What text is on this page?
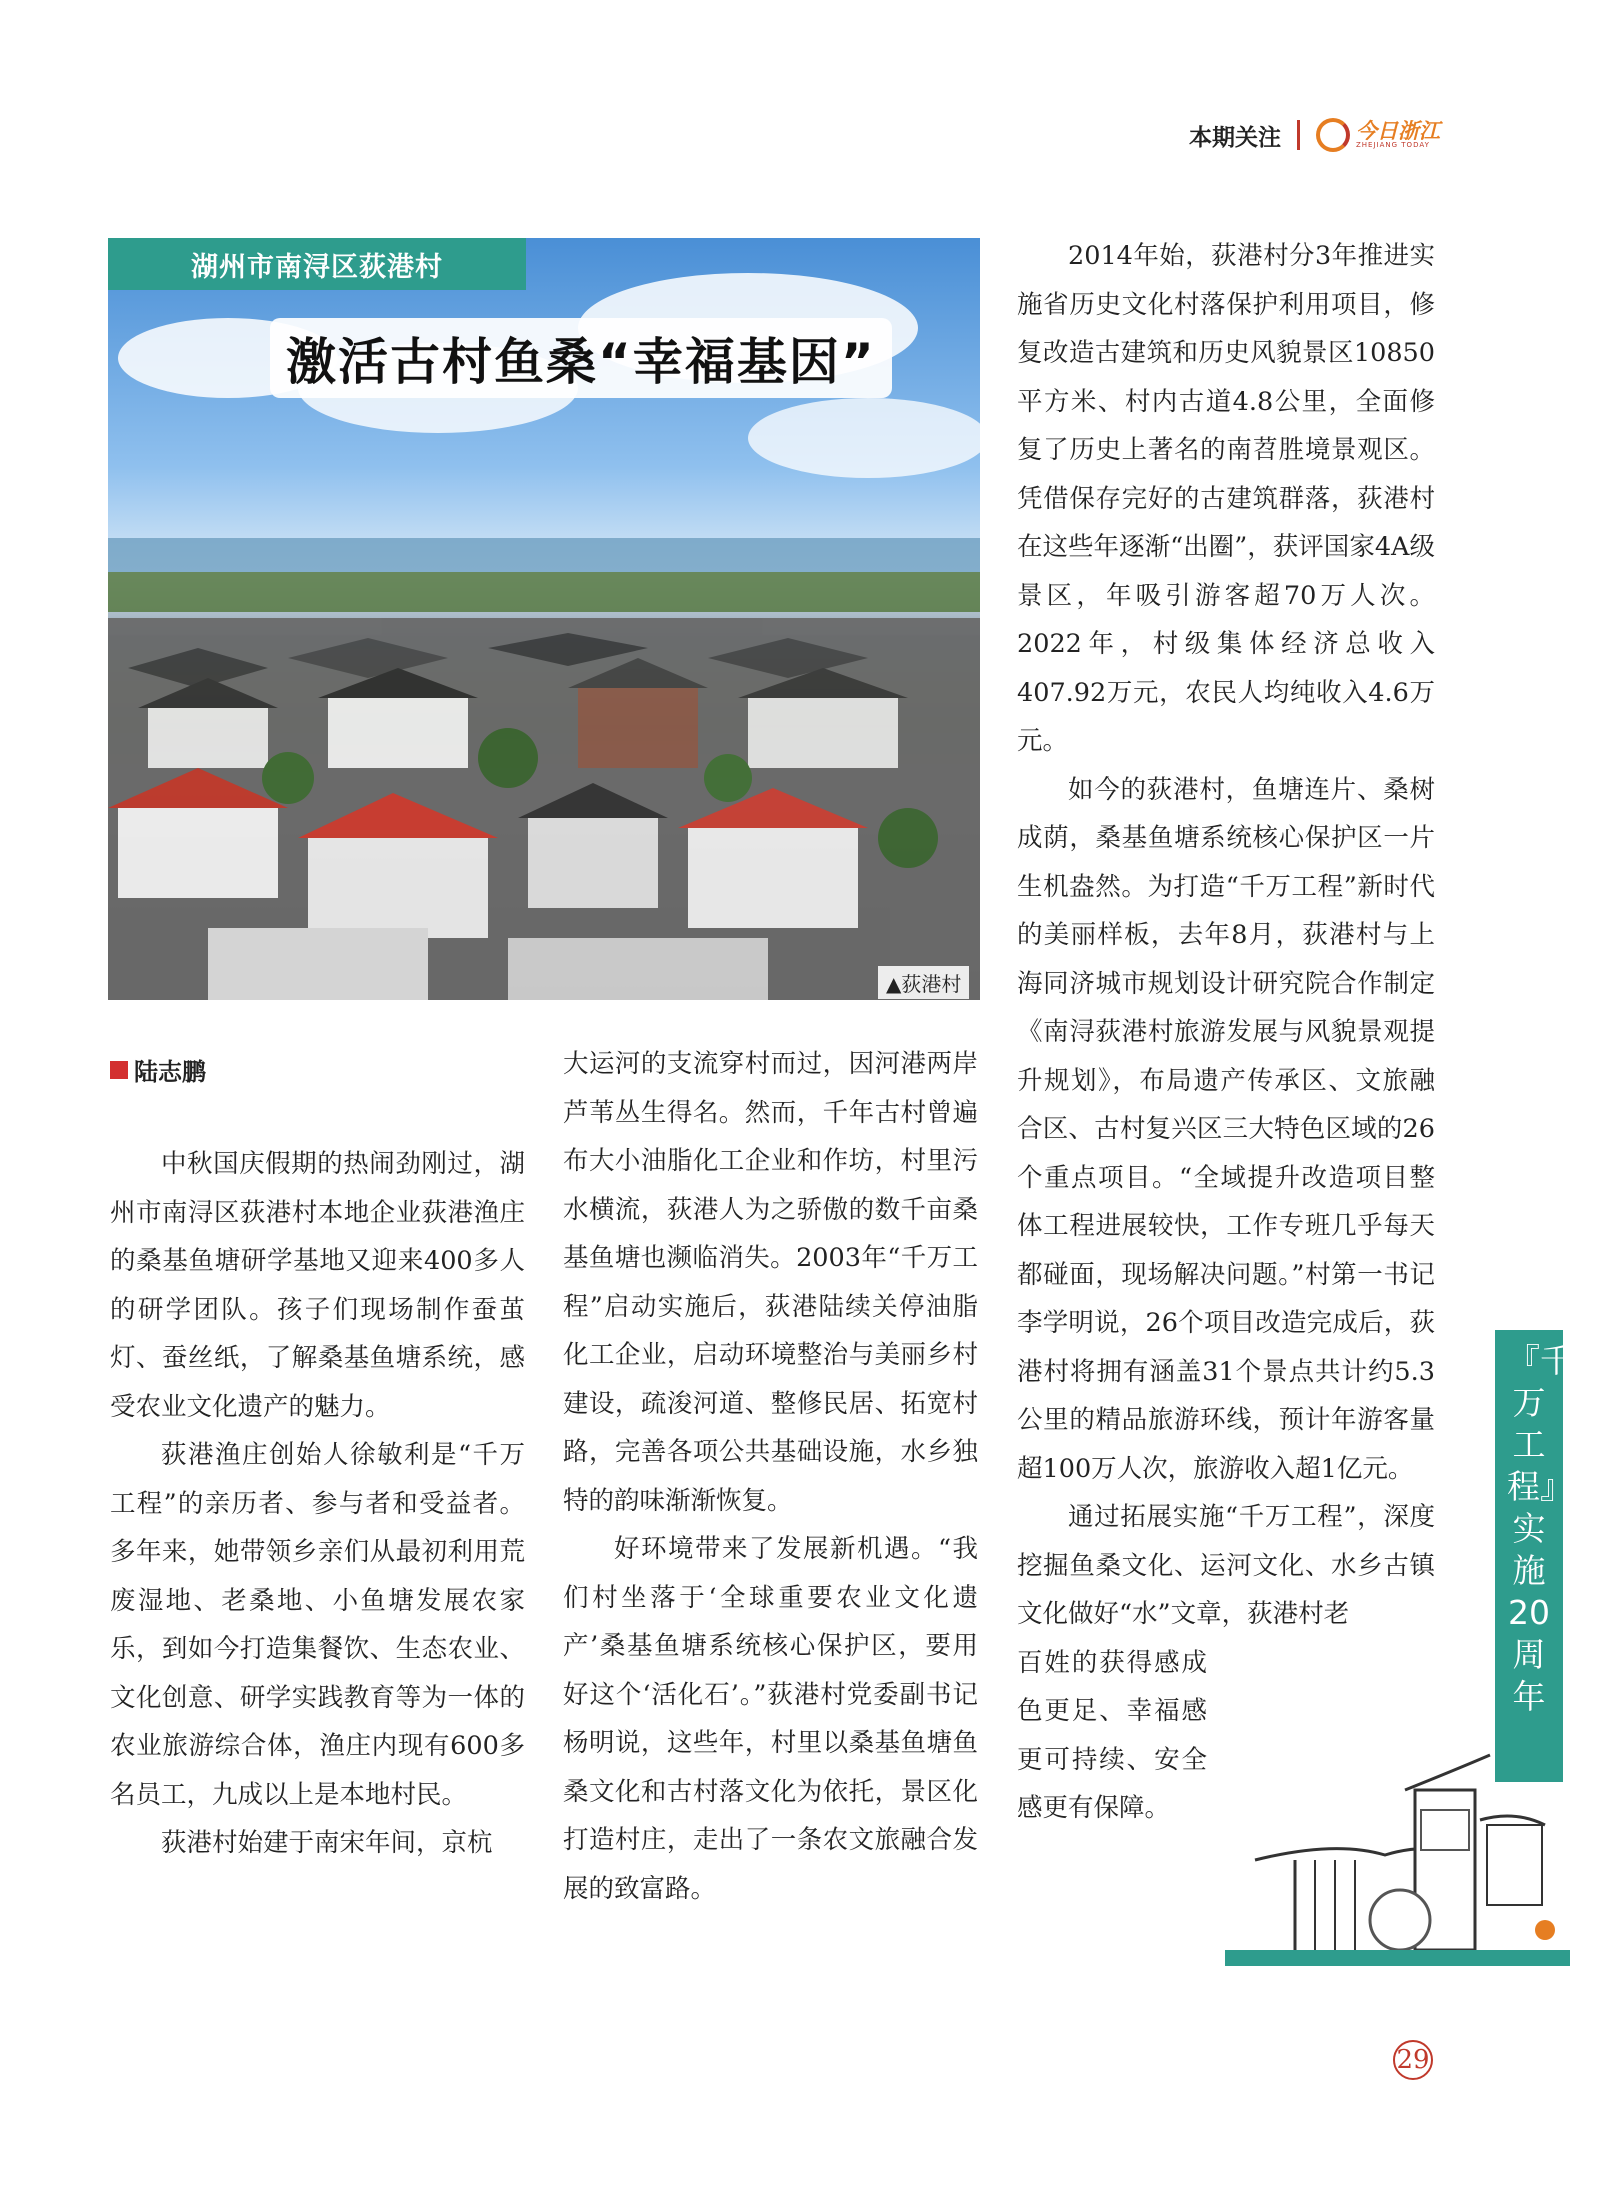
本期关注	今日浙江
ZHEJIANG TODAY
湖州市南浔区荻港村
激活古村鱼桑“幸福基因”
▲荻港村
陆志鹏

中秋国庆假期的热闹劲刚过，湖州市南浔区荻港村本地企业荻港渔庄的桑基鱼塘研学基地又迎来400多人的研学团队。孩子们现场制作蚕茧灯、蚕丝纸，了解桑基鱼塘系统，感受农业文化遗产的魅力。

荻港渔庄创始人徐敏利是“千万工程”的亲历者、参与者和受益者。多年来，她带领乡亲们从最初利用荒废湿地、老桑地、小鱼塘发展农家乐，到如今打造集餐饮、生态农业、文化创意、研学实践教育等为一体的农业旅游综合体，渔庄内现有600多名员工，九成以上是本地村民。

荻港村始建于南宋年间，京杭

大运河的支流穿村而过，因河港两岸芦苇丛生得名。然而，千年古村曾遍布大小油脂化工企业和作坊，村里污水横流，荻港人为之骄傲的数千亩桑基鱼塘也濒临消失。2003年“千万工程”启动实施后，荻港陆续关停油脂化工企业，启动环境整治与美丽乡村建设，疏浚河道、整修民居、拓宽村路，完善各项公共基础设施，水乡独特的韵味渐渐恢复。

好环境带来了发展新机遇。“我们村坐落于‘全球重要农业文化遗产’桑基鱼塘系统核心保护区，要用好这个‘活化石’。”荻港村党委副书记杨明说，这些年，村里以桑基鱼塘鱼桑文化和古村落文化为依托，景区化打造村庄，走出了一条农文旅融合发展的致富路。

2014年始，荻港村分3年推进实施省历史文化村落保护利用项目，修复改造古建筑和历史风貌景区10850平方米、村内古道4.8公里，全面修复了历史上著名的南苕胜境景观区。凭借保存完好的古建筑群落，荻港村在这些年逐渐“出圈”，获评国家4A级景区，年吸引游客超70万人次。2022年，村级集体经济总收入407.92万元，农民人均纯收入4.6万元。

如今的荻港村，鱼塘连片、桑树成荫，桑基鱼塘系统核心保护区一片生机盎然。为打造“千万工程”新时代的美丽样板，去年8月，荻港村与上海同济城市规划设计研究院合作制定《南浔荻港村旅游发展与风貌景观提升规划》，布局遗产传承区、文旅融合区、古村复兴区三大特色区域的26个重点项目。“全域提升改造项目整体工程进展较快，工作专班几乎每天都碰面，现场解决问题。”村第一书记李学明说，26个项目改造完成后，荻港村将拥有涵盖31个景点共计约5.3公里的精品旅游环线，预计年游客量超100万人次，旅游收入超1亿元。

通过拓展实施“千万工程”，深度挖掘鱼桑文化、运河文化、水乡古镇文化做好“水”文章，荻港村老

百姓的获得感成色更足、幸福感更可持续、安全感更有保障。

『千万工程』实施20周年
29
